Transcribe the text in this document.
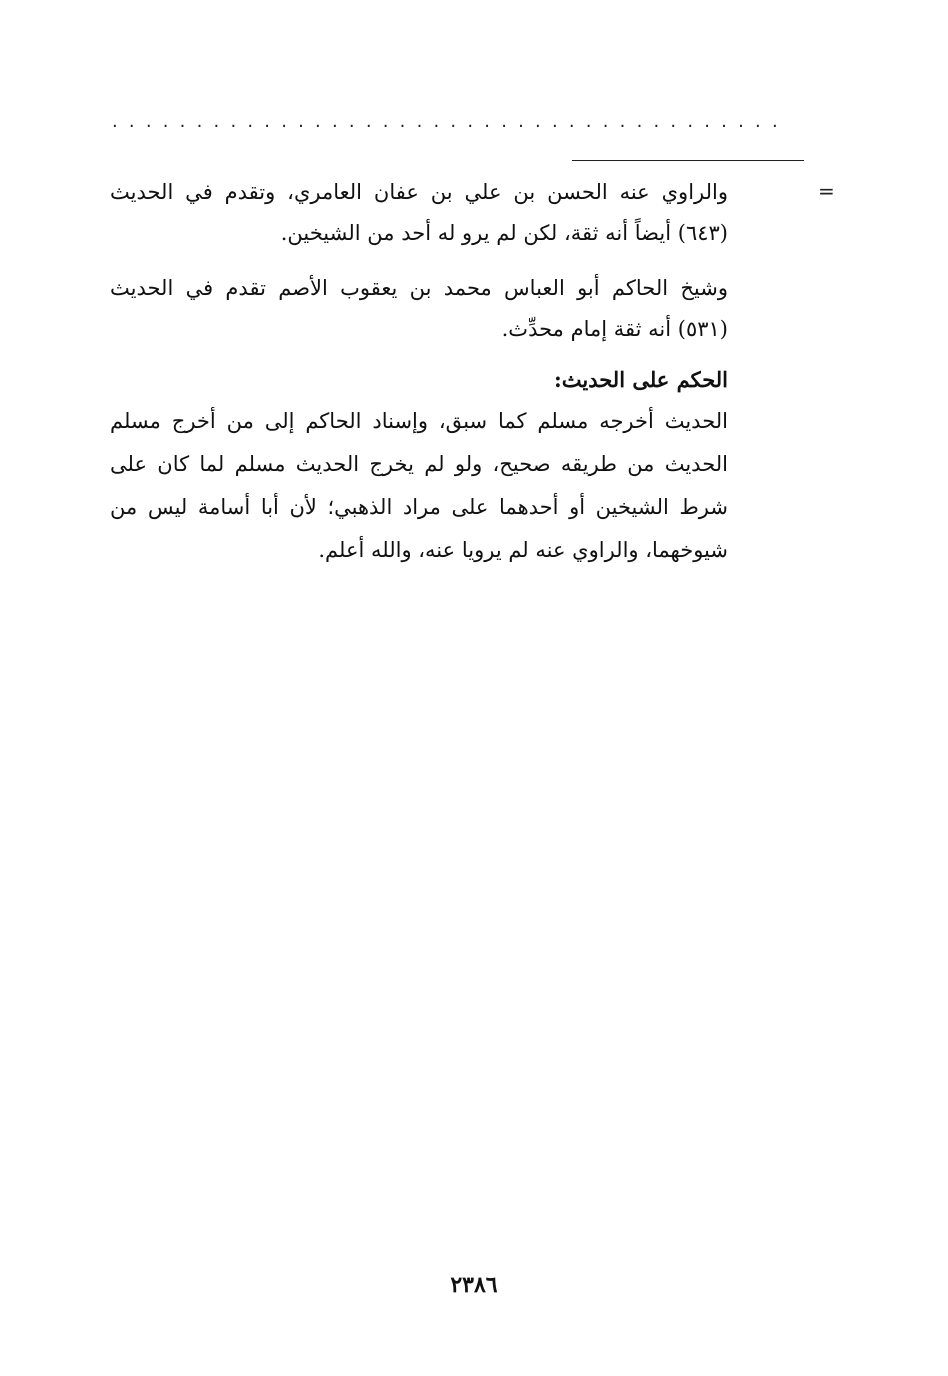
........................................
=
والراوي عنه الحسن بن علي بن عفان العامري، وتقدم في الحديث (٦٤٣) أيضاً أنه ثقة، لكن لم يرو له أحد من الشيخين.
وشيخ الحاكم أبو العباس محمد بن يعقوب الأصم تقدم في الحديث (٥٣١) أنه ثقة إمام محدِّث.
الحكم على الحديث:
الحديث أخرجه مسلم كما سبق، وإسناد الحاكم إلى من أخرج مسلم الحديث من طريقه صحيح، ولو لم يخرج الحديث مسلم لما كان على شرط الشيخين أو أحدهما على مراد الذهبي؛ لأن أبا أسامة ليس من شيوخهما، والراوي عنه لم يرويا عنه، والله أعلم.
٢٣٨٦
